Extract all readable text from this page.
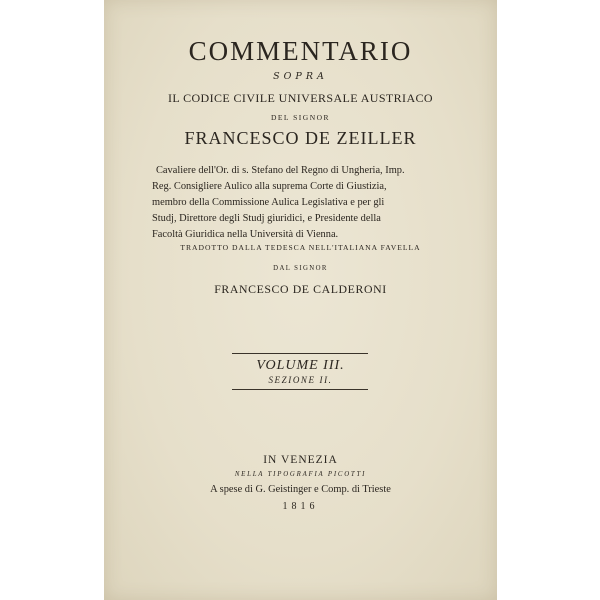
COMMENTARIO
SOPRA
IL CODICE CIVILE UNIVERSALE AUSTRIACO
DEL SIGNOR
FRANCESCO DE ZEILLER
Cavaliere dell'Or. di s. Stefano del Regno di Ungheria, Imp.
Reg. Consigliere Aulico alla suprema Corte di Giustizia,
membro della Commissione Aulica Legislativa e per gli
Studj, Direttore degli Studj giuridici, e Presidente della
Facoltà Giuridica nella Università di Vienna.
TRADOTTO DALLA TEDESCA NELL'ITALIANA FAVELLA
DAL SIGNOR
FRANCESCO DE CALDERONI
VOLUME III.
SEZIONE II.
IN VENEZIA
NELLA TIPOGRAFIA PICOTTI
A spese di G. Geistinger e Comp. di Trieste
1816
